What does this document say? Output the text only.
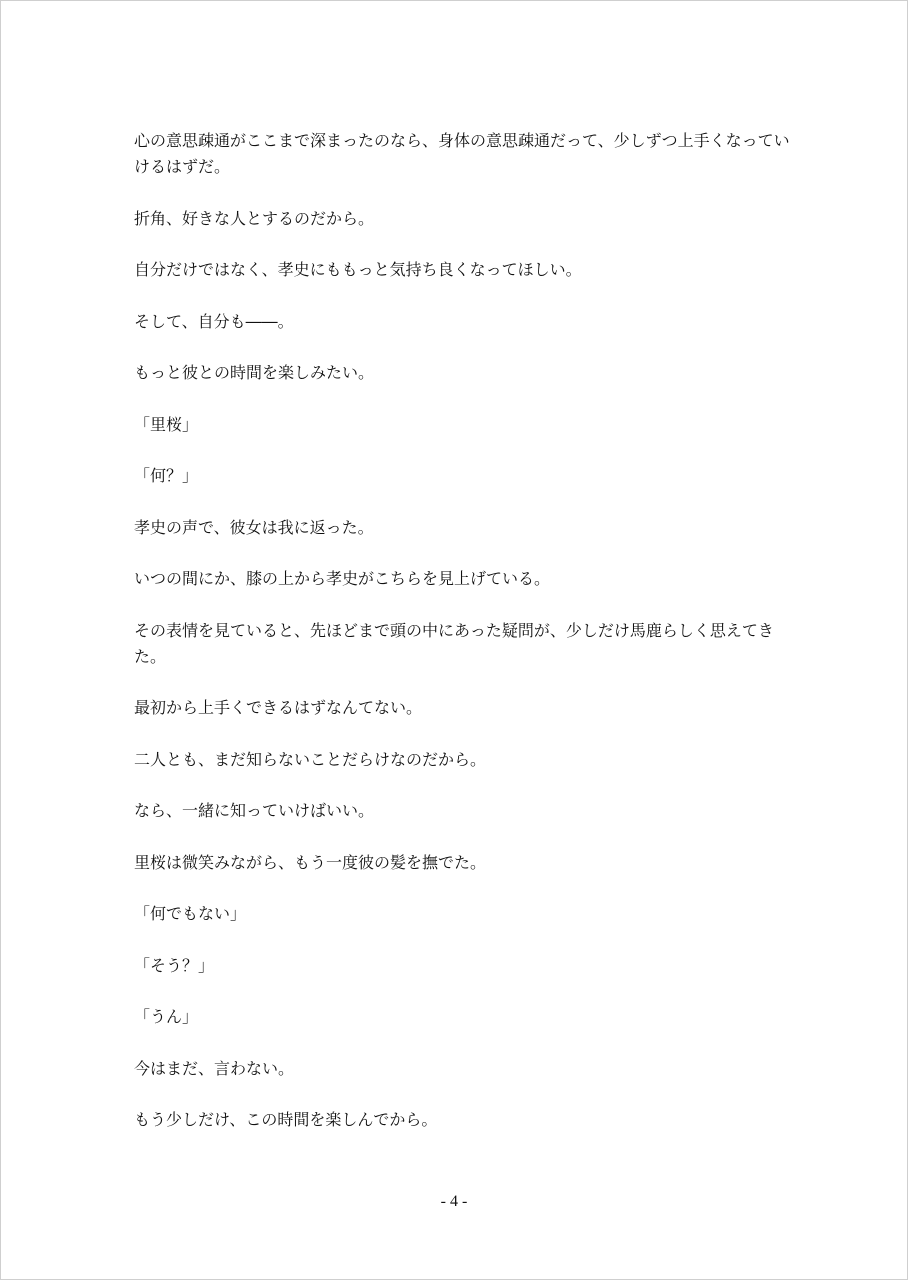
心の意思疎通がここまで深まったのなら、身体の意思疎通だって、少しずつ上手くなっていけるはずだ。

折角、好きな人とするのだから。

自分だけではなく、孝史にももっと気持ち良くなってほしい。

そして、自分も――。

もっと彼との時間を楽しみたい。

「里桜」

「何？」

孝史の声で、彼女は我に返った。

いつの間にか、膝の上から孝史がこちらを見上げている。

その表情を見ていると、先ほどまで頭の中にあった疑問が、少しだけ馬鹿らしく思えてきた。

最初から上手くできるはずなんてない。

二人とも、まだ知らないことだらけなのだから。

なら、一緒に知っていけばいい。

里桜は微笑みながら、もう一度彼の髪を撫でた。

「何でもない」

「そう？」

「うん」

今はまだ、言わない。

もう少しだけ、この時間を楽しんでから。

- 4 -
